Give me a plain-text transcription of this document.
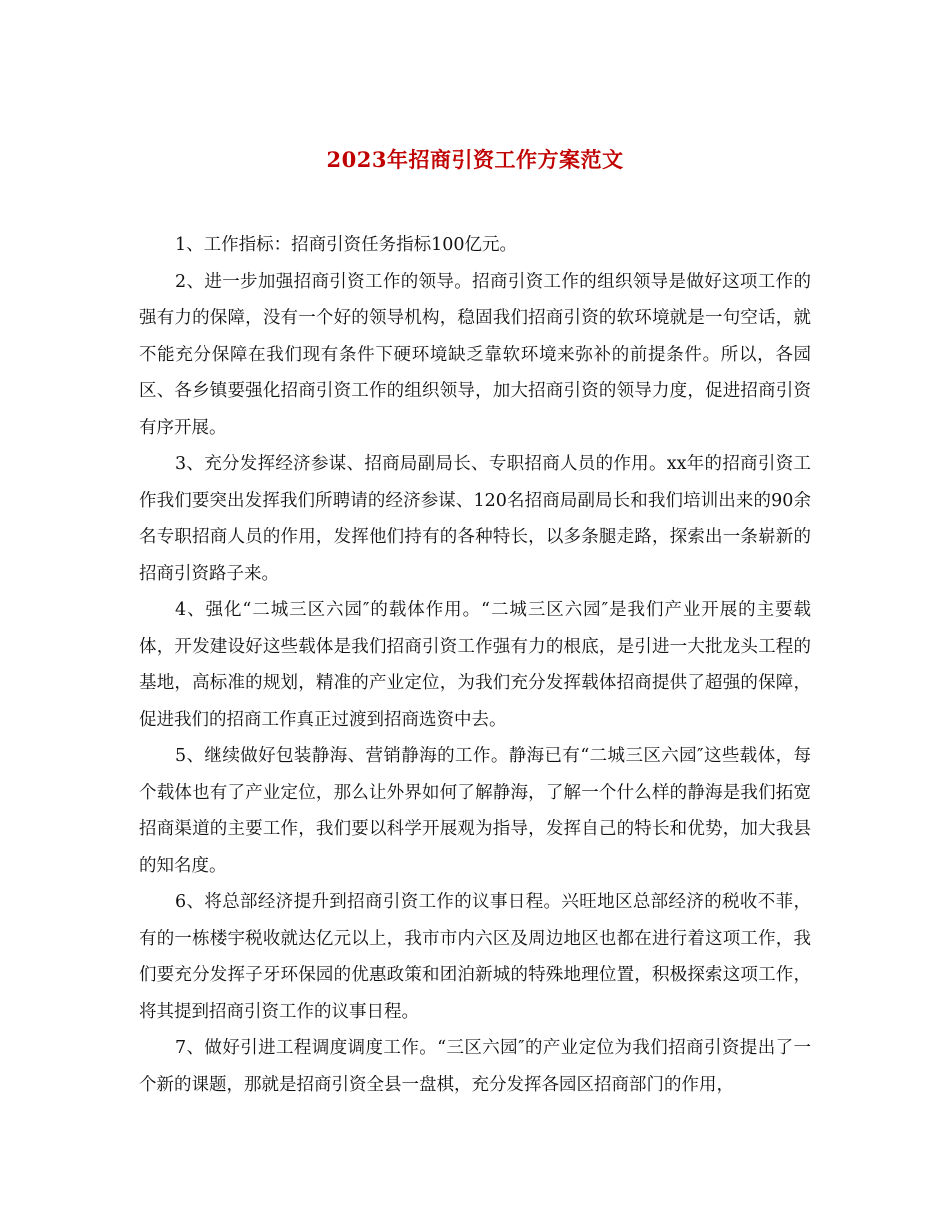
2023年招商引资工作方案范文

1、工作指标：招商引资任务指标100亿元。

2、进一步加强招商引资工作的领导。招商引资工作的组织领导是做好这项工作的强有力的保障，没有一个好的领导机构，稳固我们招商引资的软环境就是一句空话，就不能充分保障在我们现有条件下硬环境缺乏靠软环境来弥补的前提条件。所以，各园区、各乡镇要强化招商引资工作的组织领导，加大招商引资的领导力度，促进招商引资有序开展。

3、充分发挥经济参谋、招商局副局长、专职招商人员的作用。xx年的招商引资工作我们要突出发挥我们所聘请的经济参谋、120名招商局副局长和我们培训出来的90余名专职招商人员的作用，发挥他们持有的各种特长，以多条腿走路，探索出一条崭新的招商引资路子来。

4、强化“二城三区六园″的载体作用。“二城三区六园″是我们产业开展的主要载体，开发建设好这些载体是我们招商引资工作强有力的根底，是引进一大批龙头工程的基地，高标准的规划，精准的产业定位，为我们充分发挥载体招商提供了超强的保障，促进我们的招商工作真正过渡到招商选资中去。

5、继续做好包装静海、营销静海的工作。静海已有“二城三区六园″这些载体，每个载体也有了产业定位，那么让外界如何了解静海，了解一个什么样的静海是我们拓宽招商渠道的主要工作，我们要以科学开展观为指导，发挥自己的特长和优势，加大我县的知名度。

6、将总部经济提升到招商引资工作的议事日程。兴旺地区总部经济的税收不菲，有的一栋楼宇税收就达亿元以上，我市市内六区及周边地区也都在进行着这项工作，我们要充分发挥子牙环保园的优惠政策和团泊新城的特殊地理位置，积极探索这项工作，将其提到招商引资工作的议事日程。

7、做好引进工程调度调度工作。“三区六园″的产业定位为我们招商引资提出了一个新的课题，那就是招商引资全县一盘棋，充分发挥各园区招商部门的作用，
